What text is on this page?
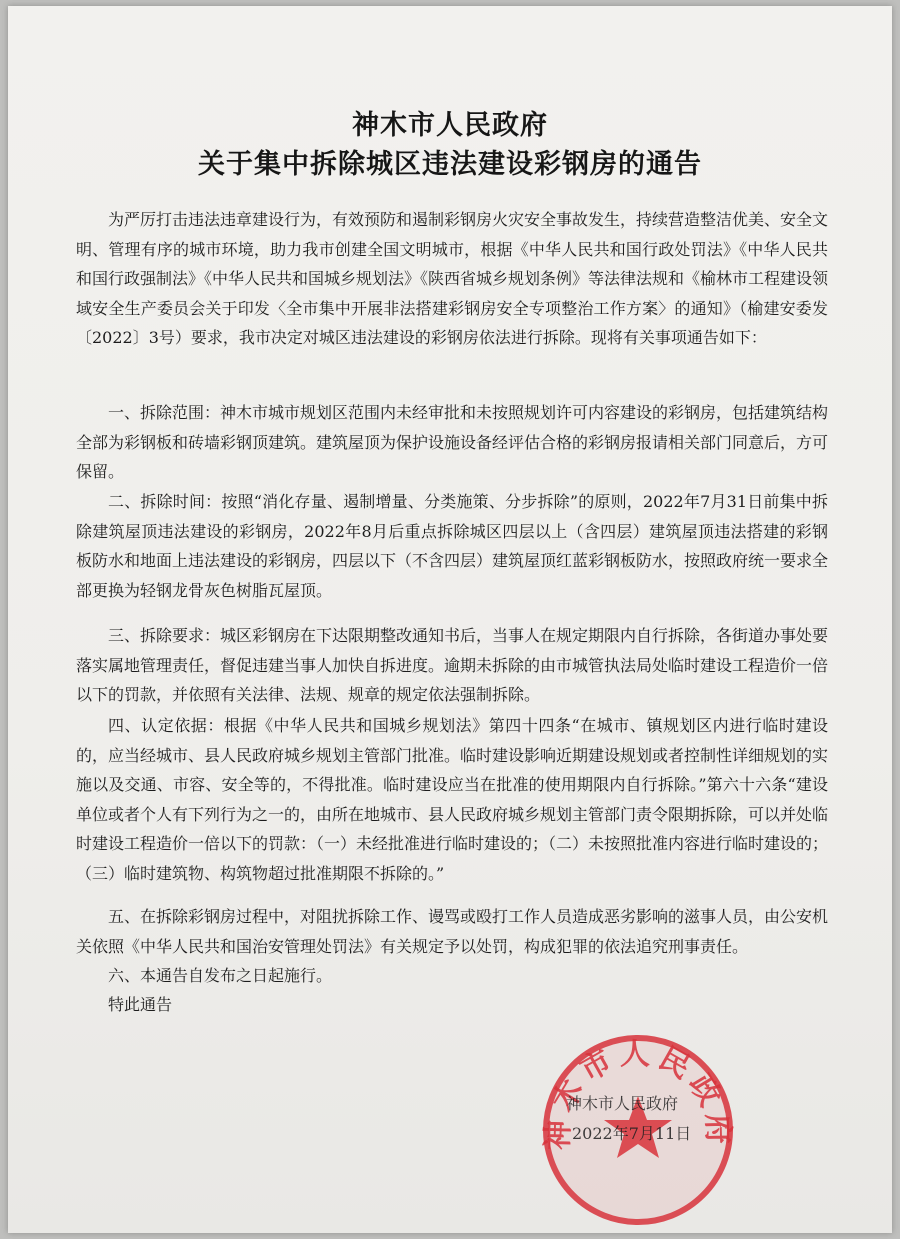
神木市人民政府
关于集中拆除城区违法建设彩钢房的通告

为严厉打击违法违章建设行为，有效预防和遏制彩钢房火灾安全事故发生，持续营造整洁优美、安全文明、管理有序的城市环境，助力我市创建全国文明城市，根据《中华人民共和国行政处罚法》《中华人民共和国行政强制法》《中华人民共和国城乡规划法》《陕西省城乡规划条例》等法律法规和《榆林市工程建设领域安全生产委员会关于印发〈全市集中开展非法搭建彩钢房安全专项整治工作方案〉的通知》（榆建安委发〔2022〕3号）要求，我市决定对城区违法建设的彩钢房依法进行拆除。现将有关事项通告如下：

一、拆除范围：神木市城市规划区范围内未经审批和未按照规划许可内容建设的彩钢房，包括建筑结构全部为彩钢板和砖墙彩钢顶建筑。建筑屋顶为保护设施设备经评估合格的彩钢房报请相关部门同意后，方可保留。

二、拆除时间：按照“消化存量、遏制增量、分类施策、分步拆除”的原则，2022年7月31日前集中拆除建筑屋顶违法建设的彩钢房，2022年8月后重点拆除城区四层以上（含四层）建筑屋顶违法搭建的彩钢板防水和地面上违法建设的彩钢房，四层以下（不含四层）建筑屋顶红蓝彩钢板防水，按照政府统一要求全部更换为轻钢龙骨灰色树脂瓦屋顶。

三、拆除要求：城区彩钢房在下达限期整改通知书后，当事人在规定期限内自行拆除，各街道办事处要落实属地管理责任，督促违建当事人加快自拆进度。逾期未拆除的由市城管执法局处临时建设工程造价一倍以下的罚款，并依照有关法律、法规、规章的规定依法强制拆除。

四、认定依据：根据《中华人民共和国城乡规划法》第四十四条“在城市、镇规划区内进行临时建设的，应当经城市、县人民政府城乡规划主管部门批准。临时建设影响近期建设规划或者控制性详细规划的实施以及交通、市容、安全等的，不得批准。临时建设应当在批准的使用期限内自行拆除。”第六十六条“建设单位或者个人有下列行为之一的，由所在地城市、县人民政府城乡规划主管部门责令限期拆除，可以并处临时建设工程造价一倍以下的罚款：（一）未经批准进行临时建设的；（二）未按照批准内容进行临时建设的；（三）临时建筑物、构筑物超过批准期限不拆除的。”

五、在拆除彩钢房过程中，对阻扰拆除工作、谩骂或殴打工作人员造成恶劣影响的滋事人员，由公安机关依照《中华人民共和国治安管理处罚法》有关规定予以处罚，构成犯罪的依法追究刑事责任。

六、本通告自发布之日起施行。

特此通告

神木市人民政府
神木市人民政府
2022年7月11日
